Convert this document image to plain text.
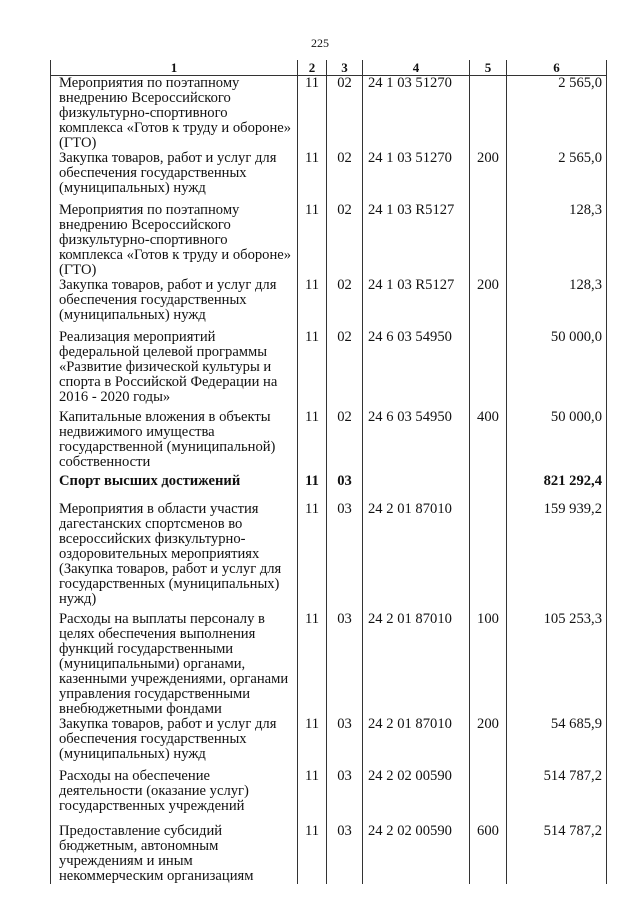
225
1	2	3	4	5	6
Мероприятия по поэтапному внедрению Всероссийского физкультурно-спортивного комплекса «Готов к труду и обороне» (ГТО)	11	02	24 1 03 51270		2 565,0
Закупка товаров, работ и услуг для обеспечения государственных (муниципальных) нужд	11	02	24 1 03 51270	200	2 565,0
Мероприятия по поэтапному внедрению Всероссийского физкультурно-спортивного комплекса «Готов к труду и обороне» (ГТО)	11	02	24 1 03 R5127		128,3
Закупка товаров, работ и услуг для обеспечения государственных (муниципальных) нужд	11	02	24 1 03 R5127	200	128,3
Реализация мероприятий федеральной целевой программы «Развитие физической культуры и спорта в Российской Федерации на 2016 - 2020 годы»	11	02	24 6 03 54950		50 000,0
Капитальные вложения в объекты недвижимого имущества государственной (муниципальной) собственности	11	02	24 6 03 54950	400	50 000,0
Спорт высших достижений	11	03			821 292,4
Мероприятия в области участия дагестанских спортсменов во всероссийских физкультурно-оздоровительных мероприятиях (Закупка товаров, работ и услуг для государственных (муниципальных) нужд)	11	03	24 2 01 87010		159 939,2
Расходы на выплаты персоналу в целях обеспечения выполнения функций государственными (муниципальными) органами, казенными учреждениями, органами управления государственными внебюджетными фондами	11	03	24 2 01 87010	100	105 253,3
Закупка товаров, работ и услуг для обеспечения государственных (муниципальных) нужд	11	03	24 2 01 87010	200	54 685,9
Расходы на обеспечение деятельности (оказание услуг) государственных учреждений	11	03	24 2 02 00590		514 787,2
Предоставление субсидий бюджетным, автономным учреждениям и иным некоммерческим организациям	11	03	24 2 02 00590	600	514 787,2
